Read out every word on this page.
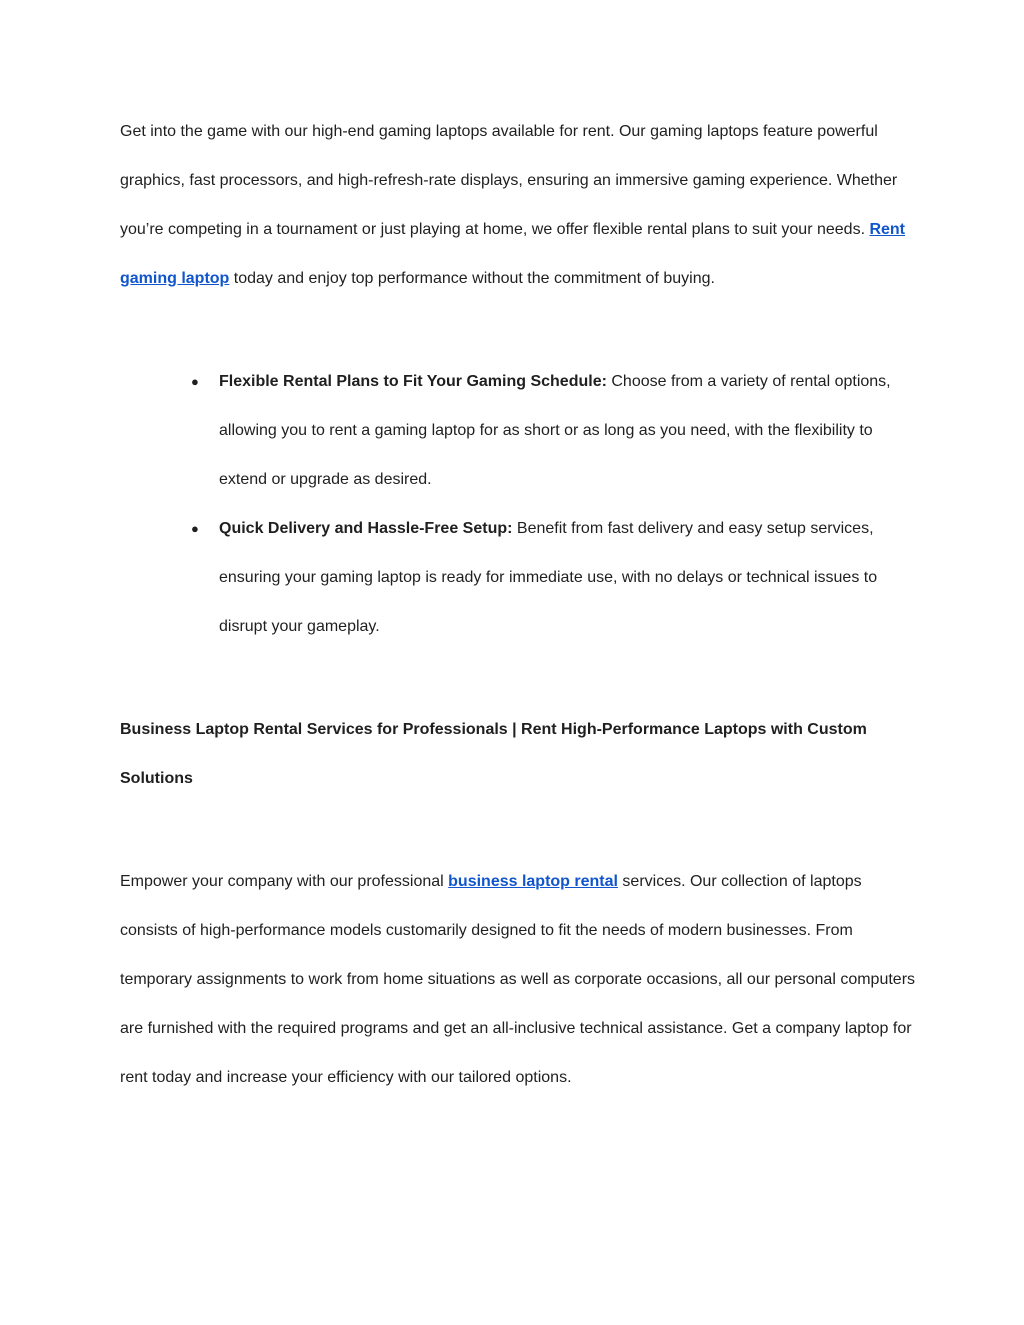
Get into the game with our high-end gaming laptops available for rent. Our gaming laptops feature powerful graphics, fast processors, and high-refresh-rate displays, ensuring an immersive gaming experience. Whether you’re competing in a tournament or just playing at home, we offer flexible rental plans to suit your needs. Rent gaming laptop today and enjoy top performance without the commitment of buying.

● Flexible Rental Plans to Fit Your Gaming Schedule: Choose from a variety of rental options, allowing you to rent a gaming laptop for as short or as long as you need, with the flexibility to extend or upgrade as desired.
● Quick Delivery and Hassle-Free Setup: Benefit from fast delivery and easy setup services, ensuring your gaming laptop is ready for immediate use, with no delays or technical issues to disrupt your gameplay.

Business Laptop Rental Services for Professionals | Rent High-Performance Laptops with Custom Solutions

Empower your company with our professional business laptop rental services. Our collection of laptops consists of high-performance models customarily designed to fit the needs of modern businesses. From temporary assignments to work from home situations as well as corporate occasions, all our personal computers are furnished with the required programs and get an all-inclusive technical assistance. Get a company laptop for rent today and increase your efficiency with our tailored options.
